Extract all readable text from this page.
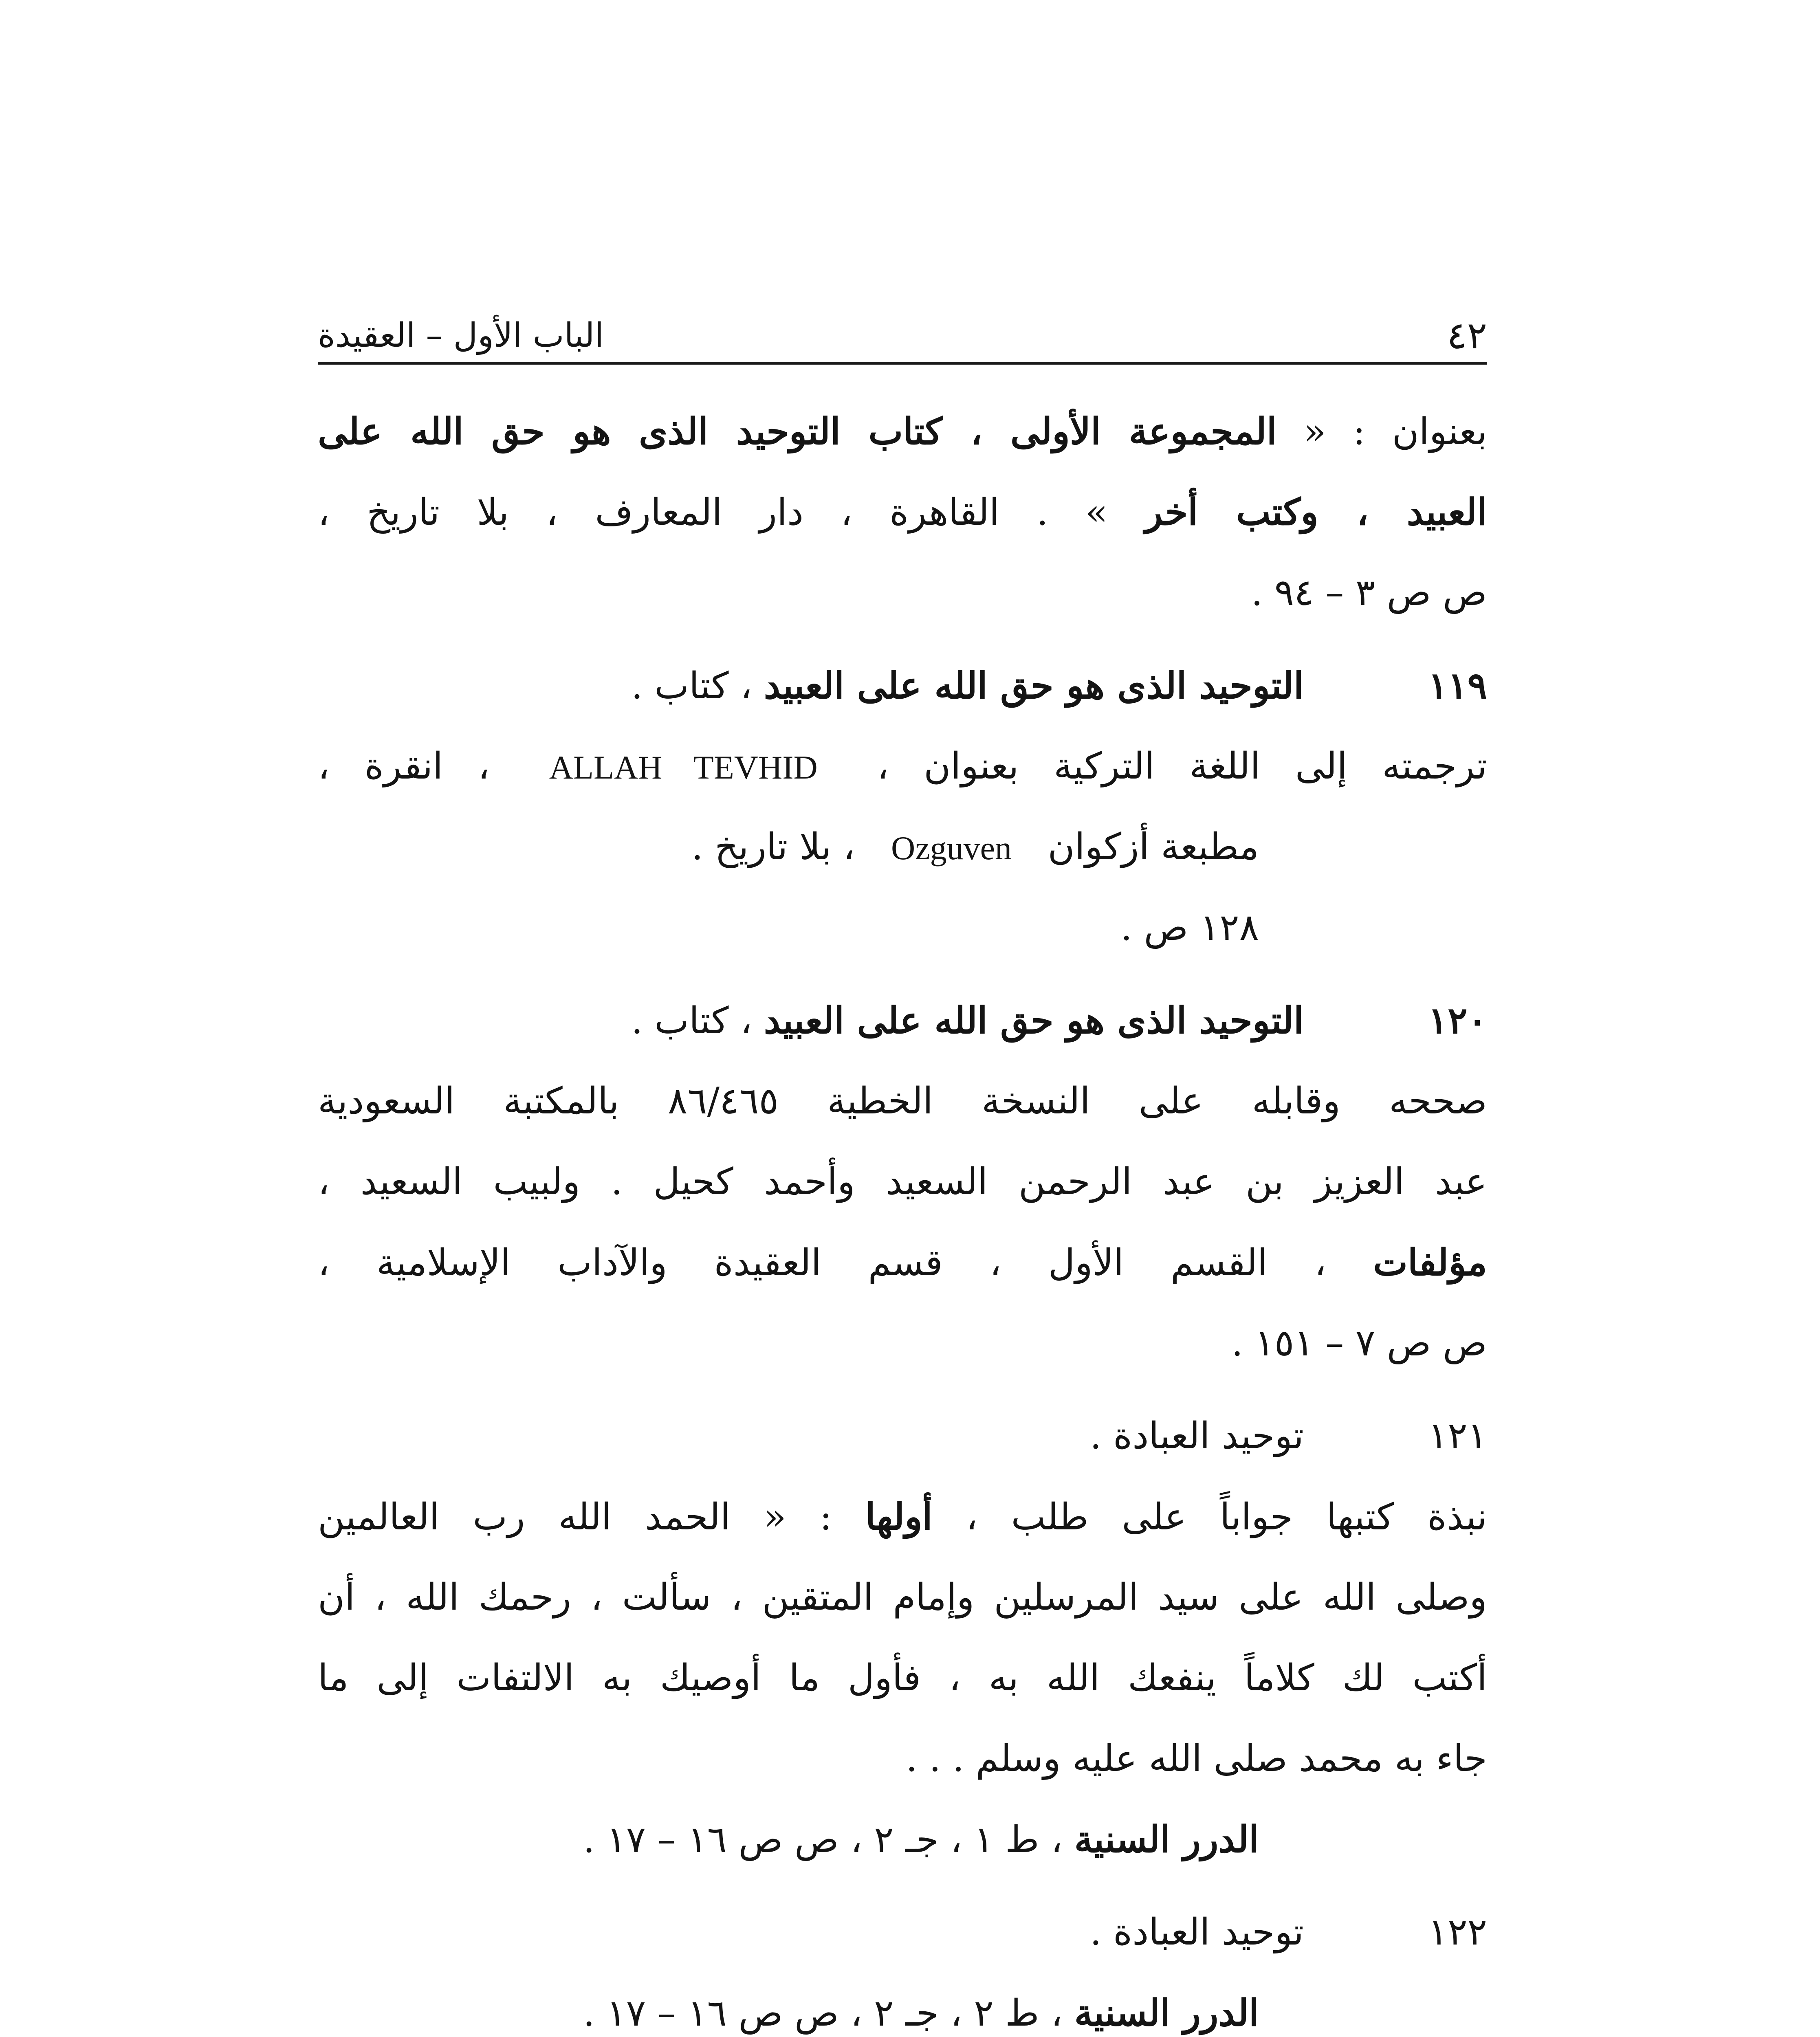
٤٢
الباب الأول – العقيدة
بعنوان : « المجموعة الأولى ، كتاب التوحيد الذى هو حق الله على
العبيد ، وكتب أخر » . القاهرة ، دار المعارف ، بلا تاريخ ،
ص ص ٣ – ٩٤ .
١١٩التوحيد الذى هو حق الله على العبيد ، كتاب .
ترجمته إلى اللغة التركية بعنوان ، ALLAH TEVHID ، انقرة ،
مطبعة أزكوان Ozguven ، بلا تاريخ .
١٢٨ ص .
١٢٠التوحيد الذى هو حق الله على العبيد ، كتاب .
صححه وقابله على النسخة الخطية ٨٦/٤٦٥ بالمكتبة السعودية
عبد العزيز بن عبد الرحمن السعيد وأحمد كحيل . ولبيب السعيد ،
مؤلفات ، القسم الأول ، قسم العقيدة والآداب الإسلامية ،
ص ص ٧ – ١٥١ .
١٢١توحيد العبادة .
نبذة كتبها جواباً على طلب ، أولها : « الحمد الله رب العالمين
وصلى الله على سيد المرسلين وإمام المتقين ، سألت ، رحمك الله ، أن
أكتب لك كلاماً ينفعك الله به ، فأول ما أوصيك به الالتفات إلى ما
جاء به محمد صلى الله عليه وسلم . . .
الدرر السنية ، ط ١ ، جـ ٢ ، ص ص ١٦ – ١٧ .
١٢٢توحيد العبادة .
الدرر السنية ، ط ٢ ، جـ ٢ ، ص ص ١٦ – ١٧ .
